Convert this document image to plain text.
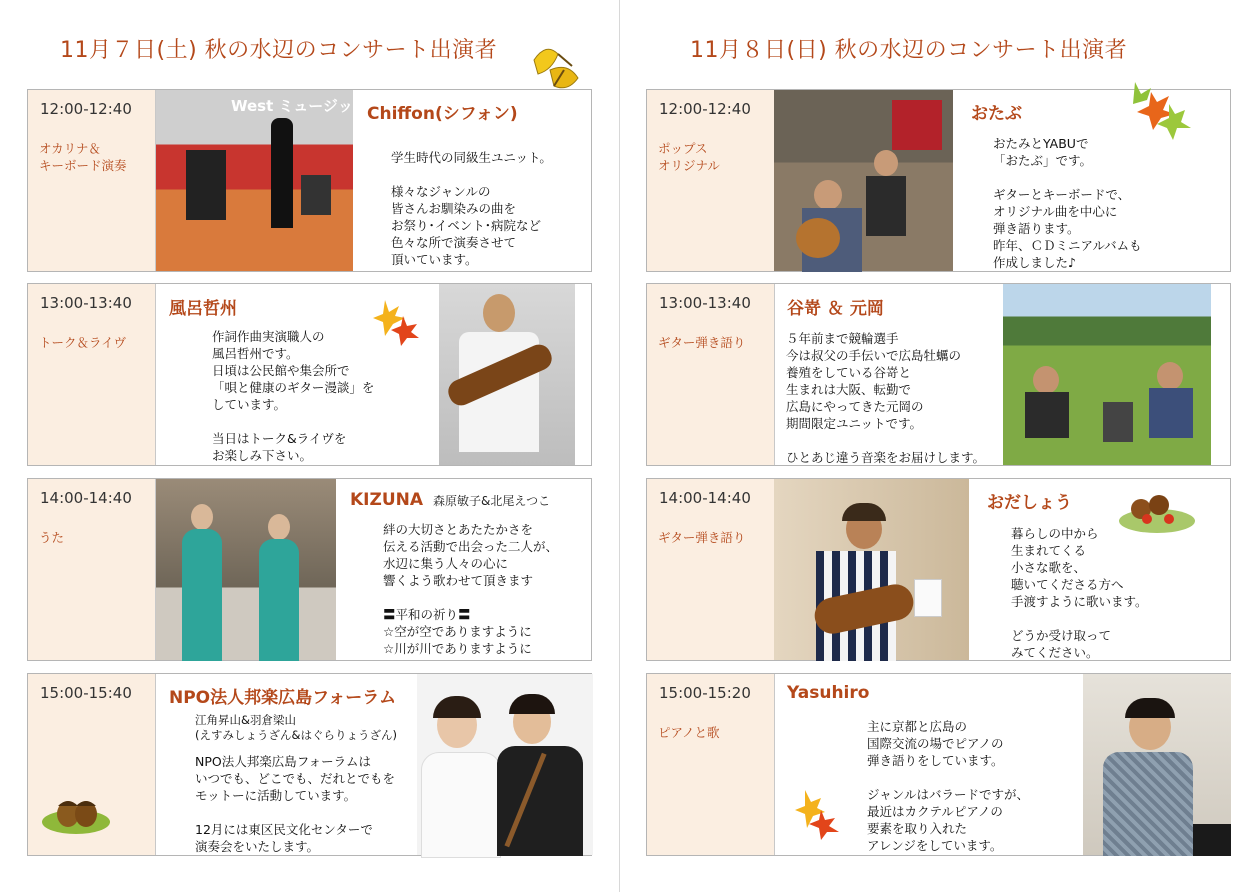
11月７日(土) 秋の水辺のコンサート出演者
12:00-12:40
オカリナ＆
キーボード演奏
West ミュージック Chiffon(シフォン)
学生時代の同級生ユニット。

様々なジャンルの
皆さんお馴染みの曲を
お祭り･イベント･病院など
色々な所で演奏させて
頂いています。
13:00-13:40
トーク＆ライヴ
風呂哲州
作詞作曲実演職人の
風呂哲州です。
日頃は公民館や集会所で
「唄と健康のギター漫談」を
しています。

当日はトーク&ライヴを
お楽しみ下さい。
14:00-14:40
うた
KIZUNA 森原敏子&北尾えつこ
絆の大切さとあたたかさを
伝える活動で出会った二人が、
水辺に集う人々の心に
響くよう歌わせて頂きます

〓平和の祈り〓
☆空が空でありますように
☆川が川でありますように
15:00-15:40 NPO法人邦楽広島フォーラム
江角昇山&羽倉梁山
(えすみしょうざん&はぐらりょうざん)
NPO法人邦楽広島フォーラムは
いつでも、どこでも、だれとでもを
モットーに活動しています。

12月には東区民文化センターで
演奏会をいたします。
11月８日(日) 秋の水辺のコンサート出演者
12:00-12:40
ポップス
オリジナル
おたぶ
おたみとYABUで
「おたぶ」です。

ギターとキーボードで、
オリジナル曲を中心に
弾き語ります。
昨年、ＣＤミニアルバムも
作成しました♪
13:00-13:40
ギター弾き語り
谷嵜 ＆ 元岡
５年前まで競輪選手
今は叔父の手伝いで広島牡蠣の
養殖をしている谷嵜と
生まれは大阪、転勤で
広島にやってきた元岡の
期間限定ユニットです。

ひとあじ違う音楽をお届けします。
14:00-14:40
ギター弾き語り
おだしょう
暮らしの中から
生まれてくる
小さな歌を、
聴いてくださる方へ
手渡すように歌います。

どうか受け取って
みてください。
15:00-15:20
ピアノと歌
Yasuhiro
主に京都と広島の
国際交流の場でピアノの
弾き語りをしています。

ジャンルはバラードですが、
最近はカクテルピアノの
要素を取り入れた
アレンジをしています。
